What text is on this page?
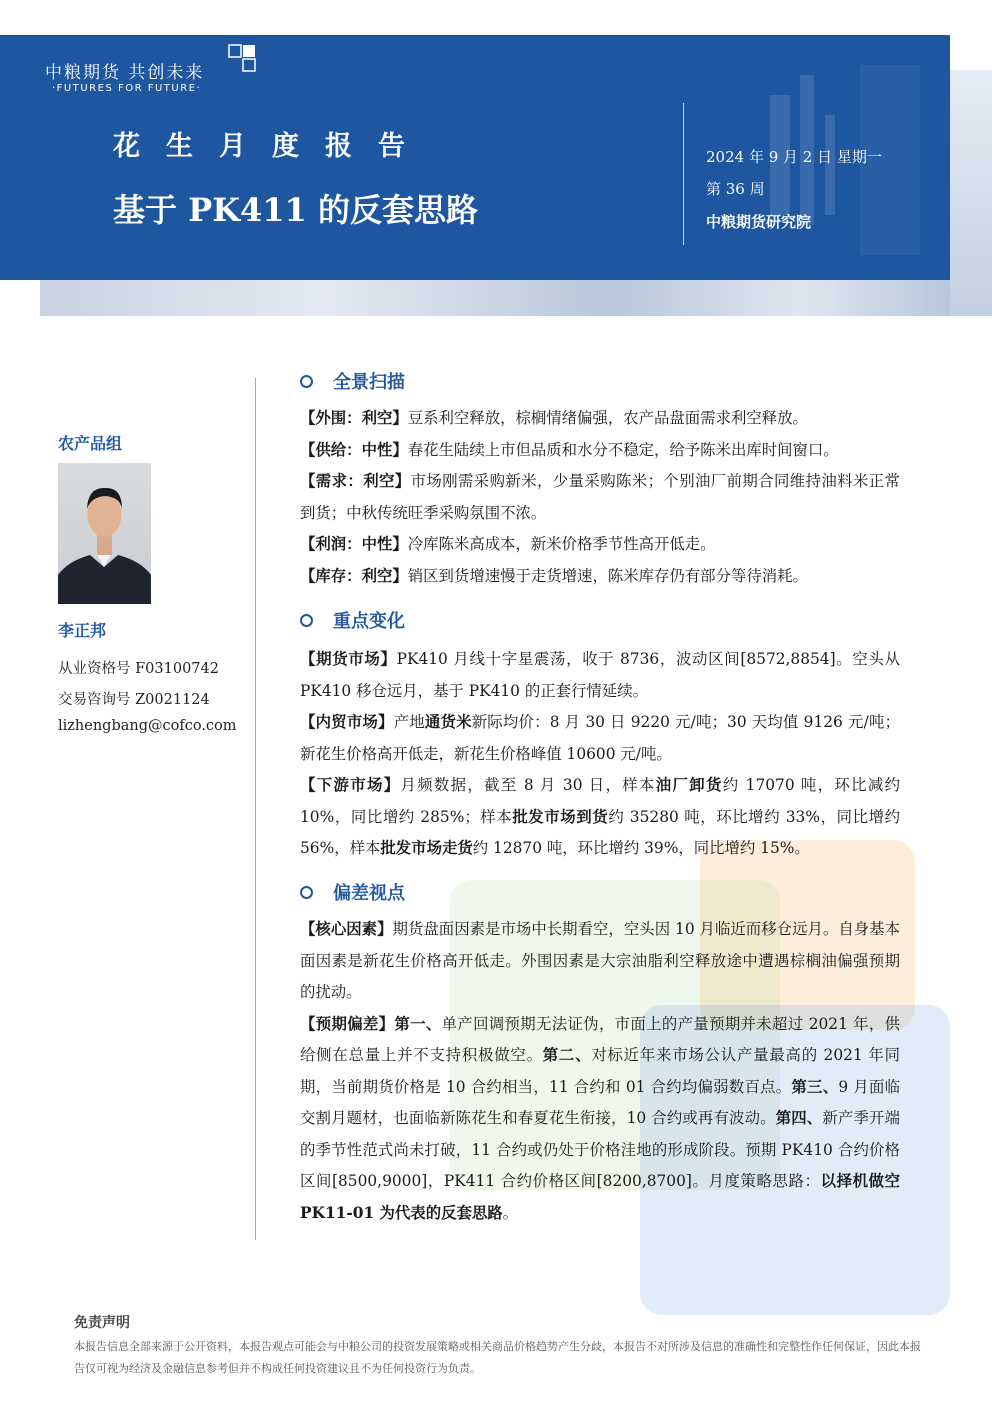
中粮期货 共创未来
·FUTURES FOR FUTURE·
花生月度报告
基于 PK411 的反套思路
2024 年 9 月 2 日 星期一
第 36 周
中粮期货研究院
农产品组
李正邦
从业资格号 F03100742
交易咨询号 Z0021124
lizhengbang@cofco.com
全景扫描
【外围：利空】豆系利空释放，棕榈情绪偏强，农产品盘面需求利空释放。
【供给：中性】春花生陆续上市但品质和水分不稳定，给予陈米出库时间窗口。
【需求：利空】市场刚需采购新米，少量采购陈米；个别油厂前期合同维持油料米正常到货；中秋传统旺季采购氛围不浓。
【利润：中性】冷库陈米高成本，新米价格季节性高开低走。
【库存：利空】销区到货增速慢于走货增速，陈米库存仍有部分等待消耗。
重点变化
【期货市场】PK410 月线十字星震荡，收于 8736，波动区间[8572,8854]。空头从 PK410 移仓远月，基于 PK410 的正套行情延续。
【内贸市场】产地通货米新际均价：8 月 30 日 9220 元/吨；30 天均值 9126 元/吨；新花生价格高开低走，新花生价格峰值 10600 元/吨。
【下游市场】月频数据，截至 8 月 30 日，样本油厂卸货约 17070 吨，环比减约 10%，同比增约 285%；样本批发市场到货约 35280 吨，环比增约 33%，同比增约 56%，样本批发市场走货约 12870 吨，环比增约 39%，同比增约 15%。
偏差视点
【核心因素】期货盘面因素是市场中长期看空，空头因 10 月临近而移仓远月。自身基本面因素是新花生价格高开低走。外围因素是大宗油脂利空释放途中遭遇棕榈油偏强预期的扰动。
【预期偏差】第一、单产回调预期无法证伪，市面上的产量预期并未超过 2021 年，供给侧在总量上并不支持积极做空。第二、对标近年来市场公认产量最高的 2021 年同期，当前期货价格是 10 合约相当，11 合约和 01 合约均偏弱数百点。第三、9 月面临交割月题材，也面临新陈花生和春夏花生衔接，10 合约或再有波动。第四、新产季开端的季节性范式尚未打破，11 合约或仍处于价格洼地的形成阶段。预期 PK410 合约价格区间[8500,9000]，PK411 合约价格区间[8200,8700]。月度策略思路：以择机做空 PK11-01 为代表的反套思路。
免责声明
本报告信息全部来源于公开资料，本报告观点可能会与中粮公司的投资发展策略或相关商品价格趋势产生分歧，本报告不对所涉及信息的准确性和完整性作任何保证，因此本报告仅可视为经济及金融信息参考但并不构成任何投资建议且不为任何投资行为负责。
